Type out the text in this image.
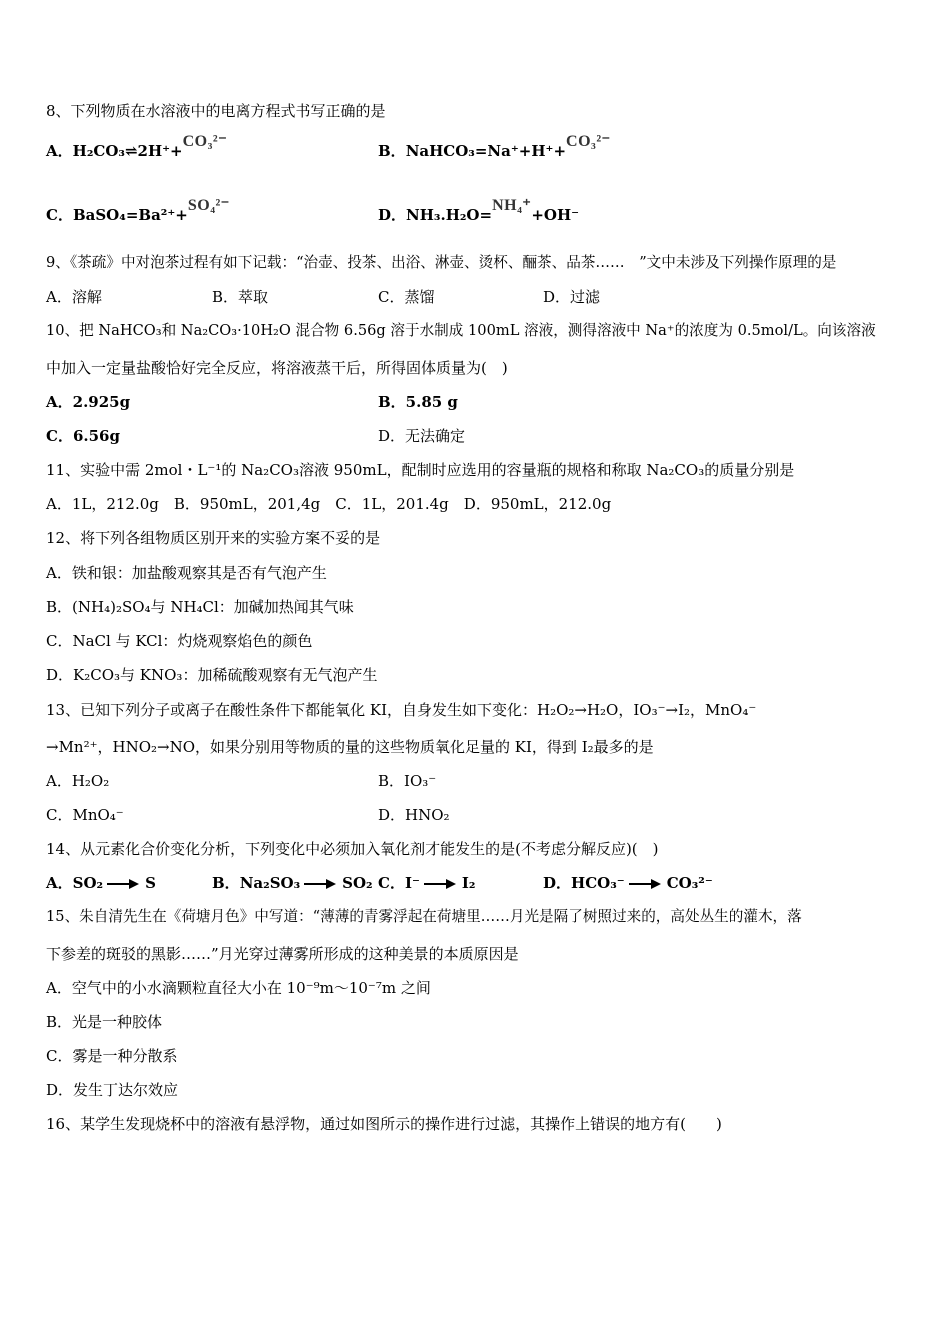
8、下列物质在水溶液中的电离方程式书写正确的是
A．H₂CO₃⇌2H⁺+CO₃²⁻
B．NaHCO₃=Na⁺+H⁺+CO₃²⁻
C．BaSO₄=Ba²⁺+SO₄²⁻
D．NH₃.H₂O=NH₄⁺+OH⁻
9、《茶疏》中对泡茶过程有如下记载：“治壶、投茶、出浴、淋壶、烫杯、酾茶、品茶……　”文中未涉及下列操作原理的是
A．溶解	B．萃取	C．蒸馏	D．过滤
10、把 NaHCO₃和 Na₂CO₃·10H₂O 混合物 6.56g 溶于水制成 100mL 溶液，测得溶液中 Na⁺的浓度为 0.5mol/L。向该溶液
中加入一定量盐酸恰好完全反应，将溶液蒸干后，所得固体质量为(　)
A．2.925g	B．5.85 g
C．6.56g	D．无法确定
11、实验中需 2mol・L⁻¹的 Na₂CO₃溶液 950mL，配制时应选用的容量瓶的规格和称取 Na₂CO₃的质量分别是
A．1L，212.0g　B．950mL，201,4g　C．1L，201.4g　D．950mL，212.0g
12、将下列各组物质区别开来的实验方案不妥的是
A．铁和银：加盐酸观察其是否有气泡产生
B．(NH₄)₂SO₄与 NH₄Cl：加碱加热闻其气味
C．NaCl 与 KCl：灼烧观察焰色的颜色
D．K₂CO₃与 KNO₃：加稀硫酸观察有无气泡产生
13、已知下列分子或离子在酸性条件下都能氧化 KI，自身发生如下变化：H₂O₂→H₂O，IO₃⁻→I₂，MnO₄⁻
→Mn²⁺，HNO₂→NO，如果分别用等物质的量的这些物质氧化足量的 KI，得到 I₂最多的是
A．H₂O₂	B．IO₃⁻
C．MnO₄⁻	D．HNO₂
14、从元素化合价变化分析，下列变化中必须加入氧化剂才能发生的是(不考虑分解反应)(　)
A．SO₂	S	B．Na₂SO₃	SO₂ C．I⁻	I₂	D．HCO₃⁻	CO₃²⁻
15、朱自清先生在《荷塘月色》中写道：“薄薄的青雾浮起在荷塘里……月光是隔了树照过来的，高处丛生的灌木，落
下参差的斑驳的黑影……”月光穿过薄雾所形成的这种美景的本质原因是
A．空气中的小水滴颗粒直径大小在 10⁻⁹m～10⁻⁷m 之间
B．光是一种胶体
C．雾是一种分散系
D．发生丁达尔效应
16、某学生发现烧杯中的溶液有悬浮物，通过如图所示的操作进行过滤，其操作上错误的地方有(　　)
